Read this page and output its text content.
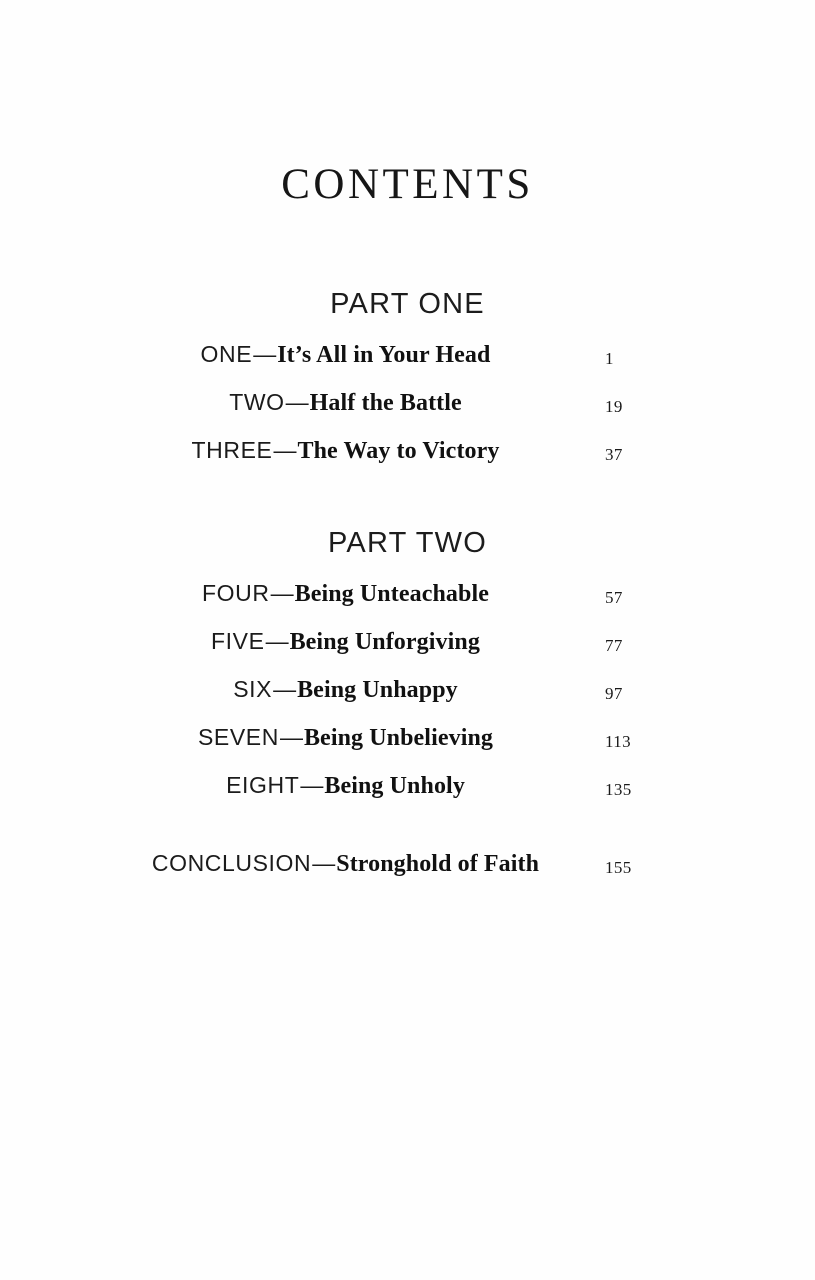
CONTENTS
PART ONE
ONE—It’s All in Your Head	1
TWO—Half the Battle	19
THREE—The Way to Victory	37
PART TWO
FOUR—Being Unteachable	57
FIVE—Being Unforgiving	77
SIX—Being Unhappy	97
SEVEN—Being Unbelieving	113
EIGHT—Being Unholy	135
CONCLUSION—Stronghold of Faith	155
